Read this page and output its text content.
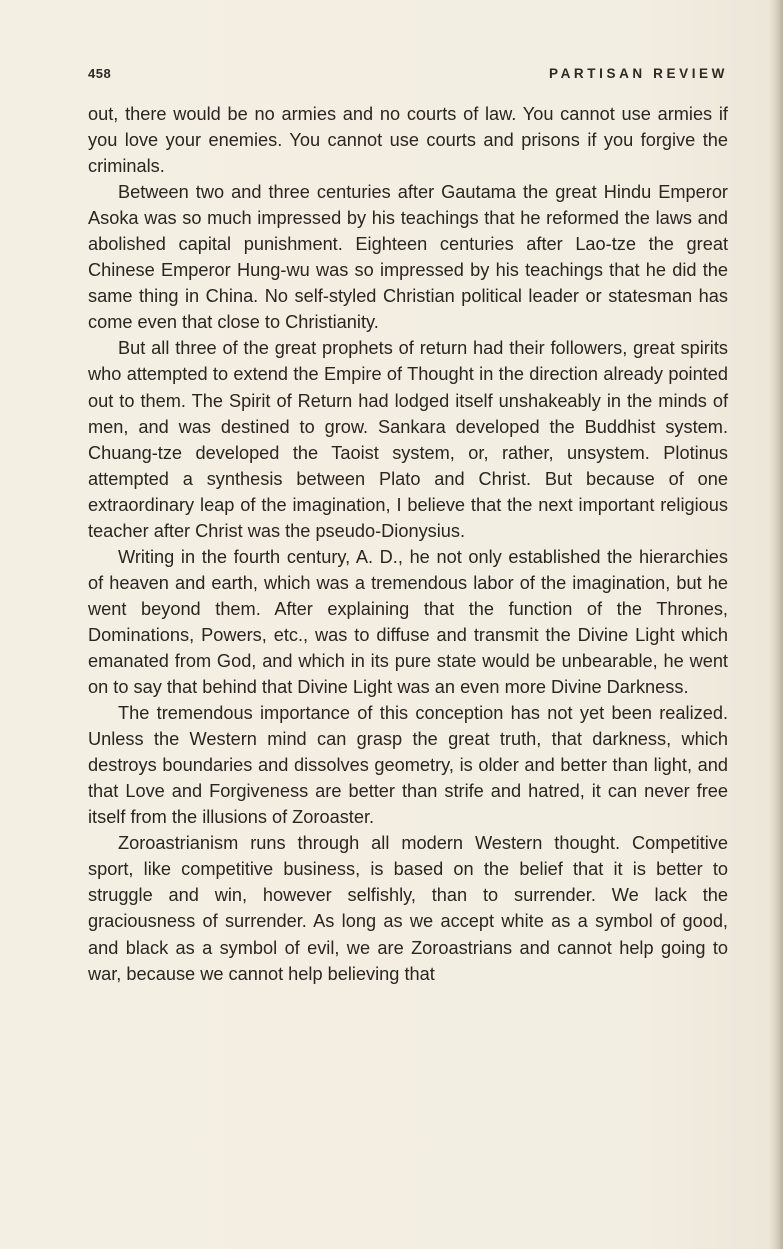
458	PARTISAN REVIEW

out, there would be no armies and no courts of law. You cannot use armies if you love your enemies. You cannot use courts and prisons if you forgive the criminals.

Between two and three centuries after Gautama the great Hindu Emperor Asoka was so much impressed by his teachings that he reformed the laws and abolished capital punishment. Eighteen centuries after Lao-tze the great Chinese Emperor Hung-wu was so impressed by his teachings that he did the same thing in China. No self-styled Christian political leader or statesman has come even that close to Christianity.

But all three of the great prophets of return had their followers, great spirits who attempted to extend the Empire of Thought in the direction already pointed out to them. The Spirit of Return had lodged itself unshakeably in the minds of men, and was destined to grow. Sankara developed the Buddhist system. Chuang-tze developed the Taoist system, or, rather, unsystem. Plotinus attempted a synthesis between Plato and Christ. But because of one extraordinary leap of the imagination, I believe that the next important religious teacher after Christ was the pseudo-Dionysius.

Writing in the fourth century, A. D., he not only established the hierarchies of heaven and earth, which was a tremendous labor of the imagination, but he went beyond them. After explaining that the function of the Thrones, Dominations, Powers, etc., was to diffuse and transmit the Divine Light which emanated from God, and which in its pure state would be unbearable, he went on to say that behind that Divine Light was an even more Divine Darkness.

The tremendous importance of this conception has not yet been realized. Unless the Western mind can grasp the great truth, that darkness, which destroys boundaries and dissolves geometry, is older and better than light, and that Love and Forgiveness are better than strife and hatred, it can never free itself from the illusions of Zoroaster.

Zoroastrianism runs through all modern Western thought. Competitive sport, like competitive business, is based on the belief that it is better to struggle and win, however selfishly, than to surrender. We lack the graciousness of surrender. As long as we accept white as a symbol of good, and black as a symbol of evil, we are Zoroastrians and cannot help going to war, because we cannot help believing that
